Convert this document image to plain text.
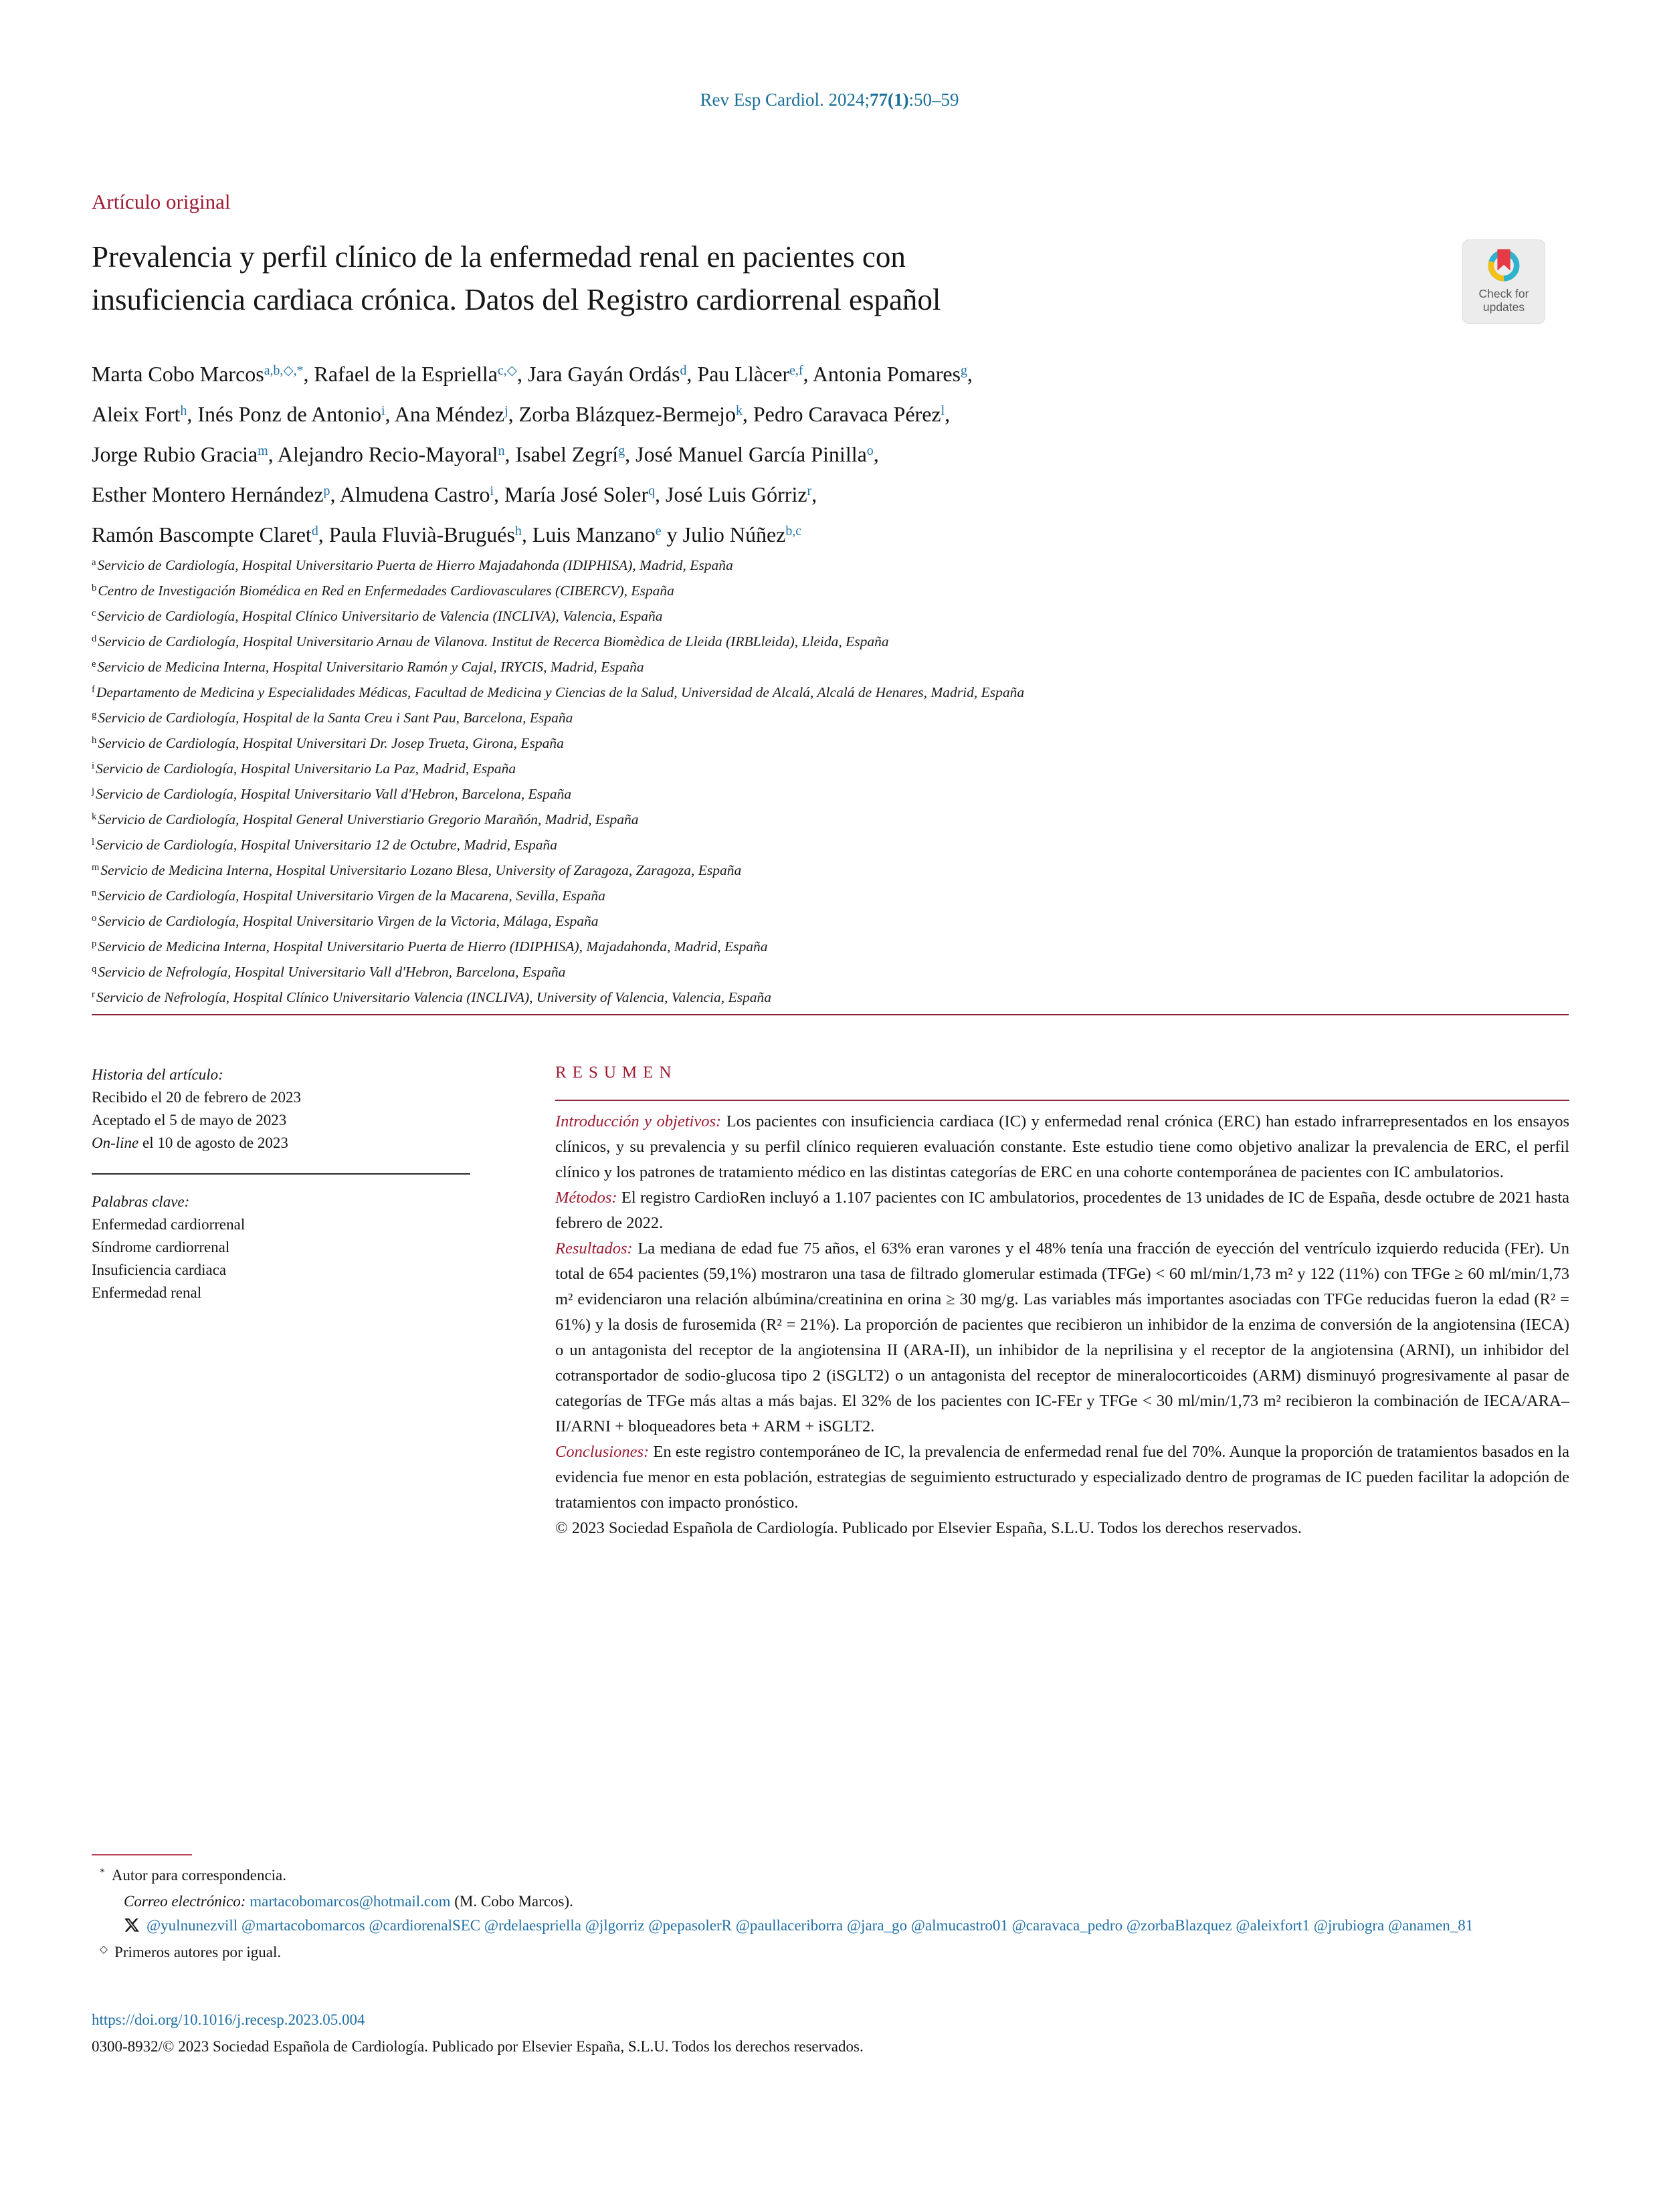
Rev Esp Cardiol. 2024;77(1):50–59
Artículo original
Prevalencia y perfil clínico de la enfermedad renal en pacientes con
insuficiencia cardiaca crónica. Datos del Registro cardiorrenal español	Check for
updates
Marta Cobo Marcos$^{a,b,◇,*}$, Rafael de la Espriella$^{c,◇}$, Jara Gayán Ordás$^d$, Pau Llàcer$^{e,f}$, Antonia Pomares$^g$,
Aleix Fort$^h$, Inés Ponz de Antonio$^i$, Ana Méndez$^j$, Zorba Blázquez-Bermejo$^k$, Pedro Caravaca Pérez$^l$,
Jorge Rubio Gracia$^m$, Alejandro Recio-Mayoral$^n$, Isabel Zegrí$^g$, José Manuel García Pinilla$^o$,
Esther Montero Hernández$^p$, Almudena Castro$^i$, María José Soler$^q$, José Luis Górriz$^r$,
Ramón Bascompte Claret$^d$, Paula Fluvià-Brugués$^h$, Luis Manzano$^e$ y Julio Núñez$^{b,c}$
$^a$Servicio de Cardiología, Hospital Universitario Puerta de Hierro Majadahonda (IDIPHISA), Madrid, España
$^b$Centro de Investigación Biomédica en Red en Enfermedades Cardiovasculares (CIBERCV), España
$^c$Servicio de Cardiología, Hospital Clínico Universitario de Valencia (INCLIVA), Valencia, España
$^d$Servicio de Cardiología, Hospital Universitario Arnau de Vilanova. Institut de Recerca Biomèdica de Lleida (IRBLleida), Lleida, España
$^e$Servicio de Medicina Interna, Hospital Universitario Ramón y Cajal, IRYCIS, Madrid, España
$^f$Departamento de Medicina y Especialidades Médicas, Facultad de Medicina y Ciencias de la Salud, Universidad de Alcalá, Alcalá de Henares, Madrid, España
$^g$Servicio de Cardiología, Hospital de la Santa Creu i Sant Pau, Barcelona, España
$^h$Servicio de Cardiología, Hospital Universitari Dr. Josep Trueta, Girona, España
$^i$Servicio de Cardiología, Hospital Universitario La Paz, Madrid, España
$^j$Servicio de Cardiología, Hospital Universitario Vall d'Hebron, Barcelona, España
$^k$Servicio de Cardiología, Hospital General Universtiario Gregorio Marañón, Madrid, España
$^l$Servicio de Cardiología, Hospital Universitario 12 de Octubre, Madrid, España
$^m$Servicio de Medicina Interna, Hospital Universitario Lozano Blesa, University of Zaragoza, Zaragoza, España
$^n$Servicio de Cardiología, Hospital Universitario Virgen de la Macarena, Sevilla, España
$^o$Servicio de Cardiología, Hospital Universitario Virgen de la Victoria, Málaga, España
$^p$Servicio de Medicina Interna, Hospital Universitario Puerta de Hierro (IDIPHISA), Majadahonda, Madrid, España
$^q$Servicio de Nefrología, Hospital Universitario Vall d'Hebron, Barcelona, España
$^r$Servicio de Nefrología, Hospital Clínico Universitario Valencia (INCLIVA), University of Valencia, Valencia, España
Historia del artículo:
Recibido el 20 de febrero de 2023
Aceptado el 5 de mayo de 2023
On-line el 10 de agosto de 2023
Palabras clave:
Enfermedad cardiorrenal
Síndrome cardiorrenal
Insuficiencia cardiaca
Enfermedad renal
RESUMEN

Introducción y objetivos: Los pacientes con insuficiencia cardiaca (IC) y enfermedad renal crónica (ERC) han estado infrarrepresentados en los ensayos clínicos, y su prevalencia y su perfil clínico requieren evaluación constante. Este estudio tiene como objetivo analizar la prevalencia de ERC, el perfil clínico y los patrones de tratamiento médico en las distintas categorías de ERC en una cohorte contemporánea de pacientes con IC ambulatorios.

Métodos: El registro CardioRen incluyó a 1.107 pacientes con IC ambulatorios, procedentes de 13 unidades de IC de España, desde octubre de 2021 hasta febrero de 2022.

Resultados: La mediana de edad fue 75 años, el 63% eran varones y el 48% tenía una fracción de eyección del ventrículo izquierdo reducida (FEr). Un total de 654 pacientes (59,1%) mostraron una tasa de filtrado glomerular estimada (TFGe) < 60 ml/min/1,73 m² y 122 (11%) con TFGe ≥ 60 ml/min/1,73 m² evidenciaron una relación albúmina/creatinina en orina ≥ 30 mg/g. Las variables más importantes asociadas con TFGe reducidas fueron la edad (R² = 61%) y la dosis de furosemida (R² = 21%). La proporción de pacientes que recibieron un inhibidor de la enzima de conversión de la angiotensina (IECA) o un antagonista del receptor de la angiotensina II (ARA-II), un inhibidor de la neprilisina y el receptor de la angiotensina (ARNI), un inhibidor del cotransportador de sodio-glucosa tipo 2 (iSGLT2) o un antagonista del receptor de mineralocorticoides (ARM) disminuyó progresivamente al pasar de categorías de TFGe más altas a más bajas. El 32% de los pacientes con IC-FEr y TFGe < 30 ml/min/1,73 m² recibieron la combinación de IECA/ARA–II/ARNI + bloqueadores beta + ARM + iSGLT2.

Conclusiones: En este registro contemporáneo de IC, la prevalencia de enfermedad renal fue del 70%. Aunque la proporción de tratamientos basados en la evidencia fue menor en esta población, estrategias de seguimiento estructurado y especializado dentro de programas de IC pueden facilitar la adopción de tratamientos con impacto pronóstico.

© 2023 Sociedad Española de Cardiología. Publicado por Elsevier España, S.L.U. Todos los derechos reservados.

* Autor para correspondencia.
Correo electrónico: martacobomarcos@hotmail.com (M. Cobo Marcos).
@yulnunezvill @martacobomarcos @cardiorenalSEC @rdelaespriella @jlgorriz @pepasolerR @paullaceriborra @jara_go @almucastro01 @caravaca_pedro @zorbaBlazquez @aleixfort1 @jrubiogra @anamen_81
◇ Primeros autores por igual.
https://doi.org/10.1016/j.recesp.2023.05.004
0300-8932/© 2023 Sociedad Española de Cardiología. Publicado por Elsevier España, S.L.U. Todos los derechos reservados.
